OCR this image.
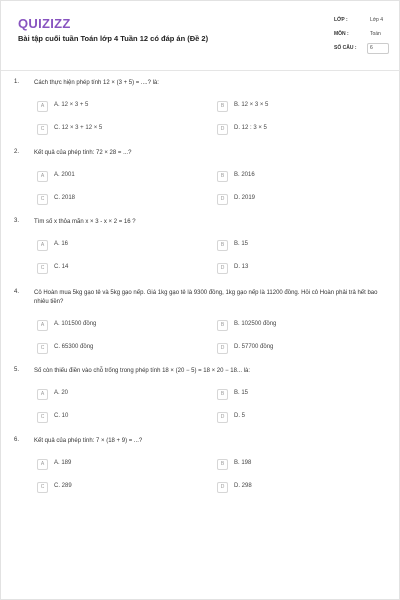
QUIZIZZ
Bài tập cuối tuần Toán lớp 4 Tuần 12 có đáp án (Đề 2)
LỚP :	Lớp 4
MÔN :	Toán
SỐ CÂU :	6
1. Cách thực hiện phép tính 12 × (3 + 5) = ....? là:
A	A. 12 × 3 + 5	B	B. 12 × 3 × 5
C	C. 12 × 3 + 12 × 5	D	D. 12 : 3 × 5
2. Kết quả của phép tính: 72 × 28 = ...?
A	A. 2001	B	B. 2016
C	C. 2018	D	D. 2019
3. Tìm số x thỏa mãn x × 3 - x × 2 = 16 ?
A	A. 16	B	B. 15
C	C. 14	D	D. 13
4. Cô Hoàn mua 5kg gạo tẻ và 5kg gạo nếp. Giá 1kg gạo tẻ là 9300 đồng, 1kg gạo nếp là 11200 đồng. Hỏi cô Hoàn phải trả hết bao nhiêu tiền?
A	A. 101500 đồng	B	B. 102500 đồng
C	C. 65300 đồng	D	D. 57700 đồng
5. Số còn thiếu điền vào chỗ trống trong phép tính 18 × (20 − 5) = 18 × 20 − 18... là:
A	A. 20	B	B. 15
C	C. 10	D	D. 5
6. Kết quả của phép tính: 7 × (18 + 9) = ...?
A	A. 189	B	B. 198
C	C. 289	D	D. 298
